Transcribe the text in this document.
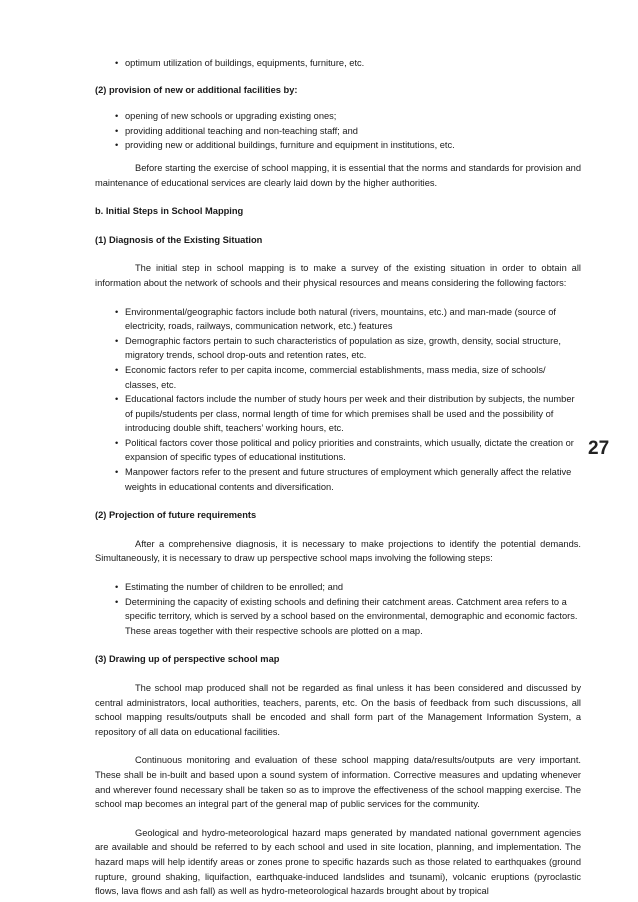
• optimum utilization of buildings, equipments, furniture, etc.

(2) provision of new or additional facilities by:

• opening of new schools or upgrading existing ones;
• providing additional teaching and non-teaching staff; and
• providing new or additional buildings, furniture and equipment in institutions, etc.

Before starting the exercise of school mapping, it is essential that the norms and standards for provision and maintenance of educational services are clearly laid down by the higher authorities.

b. Initial Steps in School Mapping

(1) Diagnosis of the Existing Situation

The initial step in school mapping is to make a survey of the existing situation in order to obtain all information about the network of schools and their physical resources and means considering the following factors:

• Environmental/geographic factors include both natural (rivers, mountains, etc.) and man-made (source of electricity, roads, railways, communication network, etc.) features
• Demographic factors pertain to such characteristics of population as size, growth, density, social structure, migratory trends, school drop-outs and retention rates, etc.
• Economic factors refer to per capita income, commercial establishments, mass media, size of schools/ classes, etc.
• Educational factors include the number of study hours per week and their distribution by subjects, the number of pupils/students per class, normal length of time for which premises shall be used and the possibility of introducing double shift, teachers’ working hours, etc.
• Political factors cover those political and policy priorities and constraints, which usually, dictate the creation or expansion of specific types of educational institutions.
• Manpower factors refer to the present and future structures of employment which generally affect the relative weights in educational contents and diversification.

(2) Projection of future requirements

After a comprehensive diagnosis, it is necessary to make projections to identify the potential demands. Simultaneously, it is necessary to draw up perspective school maps involving the following steps:

• Estimating the number of children to be enrolled; and
• Determining the capacity of existing schools and defining their catchment areas. Catchment area refers to a specific territory, which is served by a school based on the environmental, demographic and economic factors. These areas together with their respective schools are plotted on a map.

(3) Drawing up of perspective school map

The school map produced shall not be regarded as final unless it has been considered and discussed by central administrators, local authorities, teachers, parents, etc. On the basis of feedback from such discussions, all school mapping results/outputs shall be encoded and shall form part of the Management Information System, a repository of all data on educational facilities.

Continuous monitoring and evaluation of these school mapping data/results/outputs are very important. These shall be in-built and based upon a sound system of information. Corrective measures and updating whenever and wherever found necessary shall be taken so as to improve the effectiveness of the school mapping exercise. The school map becomes an integral part of the general map of public services for the community.

Geological and hydro-meteorological hazard maps generated by mandated national government agencies are available and should be referred to by each school and used in site location, planning, and implementation. The hazard maps will help identify areas or zones prone to specific hazards such as those related to earthquakes (ground rupture, ground shaking, liquifaction, earthquake-induced landslides and tsunami), volcanic eruptions (pyroclastic flows, lava flows and ash fall) as well as hydro-meteorological hazards brought about by tropical

27
